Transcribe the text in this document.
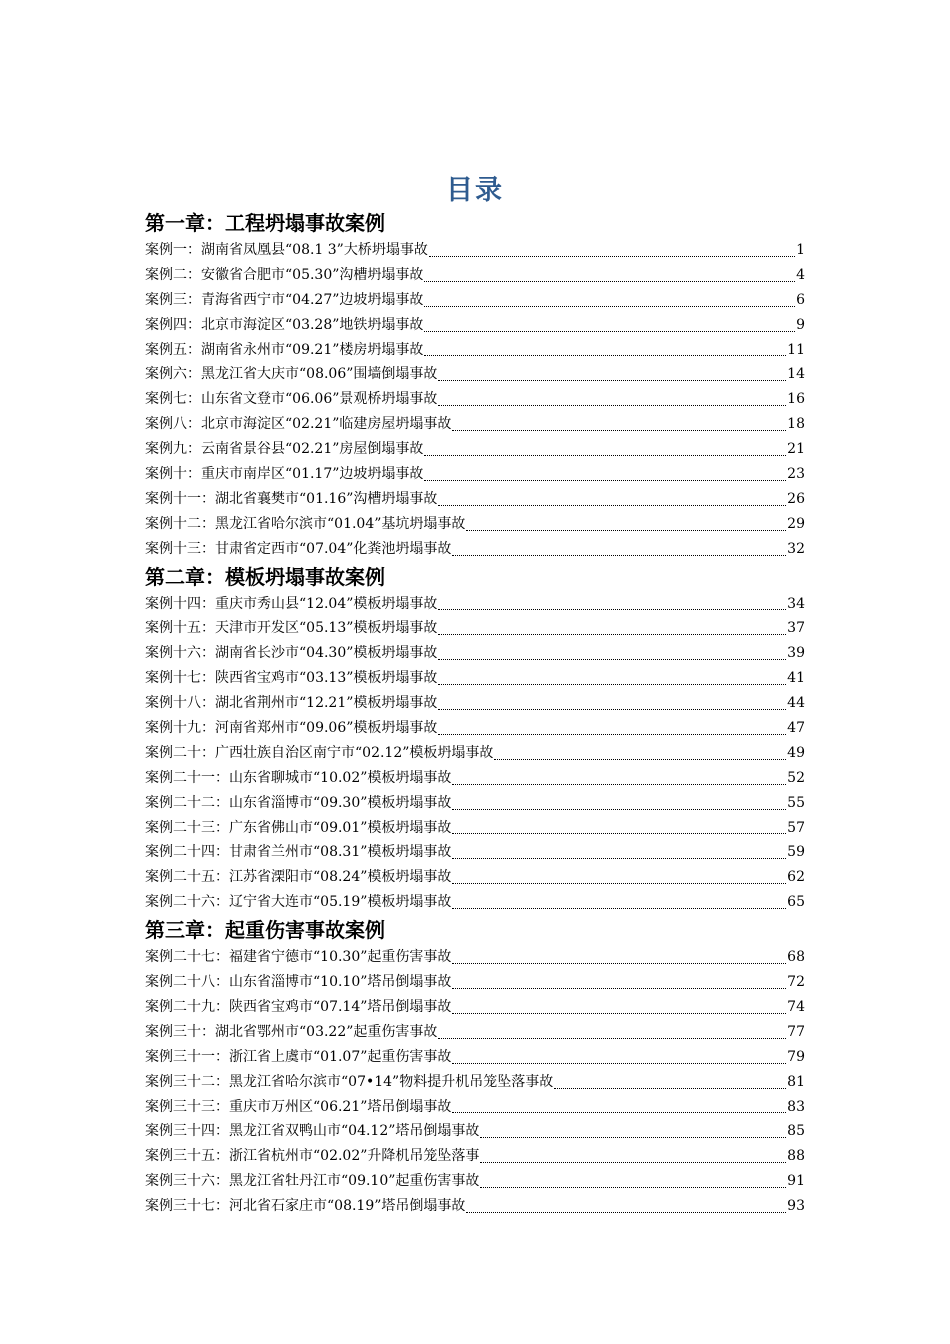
目录
第一章：工程坍塌事故案例
案例一：湖南省凤凰县“08.1 3”大桥坍塌事故	1
案例二：安徽省合肥市“05.30”沟槽坍塌事故	4
案例三：青海省西宁市“04.27”边坡坍塌事故	6
案例四：北京市海淀区“03.28”地铁坍塌事故	9
案例五：湖南省永州市“09.21”楼房坍塌事故	11
案例六：黑龙江省大庆市“08.06”围墙倒塌事故	14
案例七：山东省文登市“06.06”景观桥坍塌事故	16
案例八：北京市海淀区“02.21”临建房屋坍塌事故	18
案例九：云南省景谷县“02.21”房屋倒塌事故	21
案例十：重庆市南岸区“01.17”边坡坍塌事故	23
案例十一：湖北省襄樊市“01.16”沟槽坍塌事故	26
案例十二：黑龙江省哈尔滨市“01.04”基坑坍塌事故	29
案例十三：甘肃省定西市“07.04”化粪池坍塌事故	32
第二章：模板坍塌事故案例
案例十四：重庆市秀山县“12.04”模板坍塌事故	34
案例十五：天津市开发区“05.13”模板坍塌事故	37
案例十六：湖南省长沙市“04.30”模板坍塌事故	39
案例十七：陕西省宝鸡市“03.13”模板坍塌事故	41
案例十八：湖北省荆州市“12.21”模板坍塌事故	44
案例十九：河南省郑州市“09.06”模板坍塌事故	47
案例二十：广西壮族自治区南宁市“02.12”模板坍塌事故	49
案例二十一：山东省聊城市“10.02”模板坍塌事故	52
案例二十二：山东省淄博市“09.30”模板坍塌事故	55
案例二十三：广东省佛山市“09.01”模板坍塌事故	57
案例二十四：甘肃省兰州市“08.31”模板坍塌事故	59
案例二十五：江苏省溧阳市“08.24”模板坍塌事故	62
案例二十六：辽宁省大连市“05.19”模板坍塌事故	65
第三章：起重伤害事故案例
案例二十七：福建省宁德市“10.30”起重伤害事故	68
案例二十八：山东省淄博市“10.10”塔吊倒塌事故	72
案例二十九：陕西省宝鸡市“07.14”塔吊倒塌事故	74
案例三十：湖北省鄂州市“03.22”起重伤害事故	77
案例三十一：浙江省上虞市“01.07”起重伤害事故	79
案例三十二：黑龙江省哈尔滨市“07•14”物料提升机吊笼坠落事故	81
案例三十三：重庆市万州区“06.21”塔吊倒塌事故	83
案例三十四：黑龙江省双鸭山市“04.12”塔吊倒塌事故	85
案例三十五：浙江省杭州市“02.02”升降机吊笼坠落事	88
案例三十六：黑龙江省牡丹江市“09.10”起重伤害事故	91
案例三十七：河北省石家庄市“08.19”塔吊倒塌事故	93
